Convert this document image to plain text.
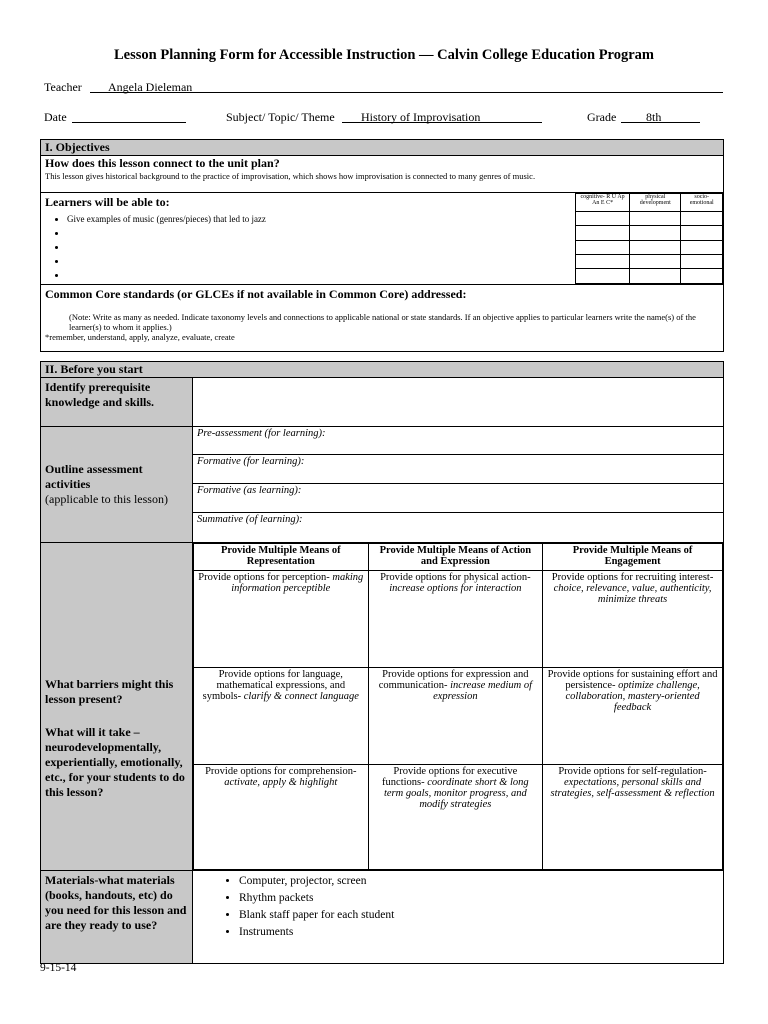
Lesson Planning Form for Accessible Instruction — Calvin College Education Program
Teacher Angela Dieleman
Date	Subject/ Topic/ Theme History of Improvisation	Grade 8th
I. Objectives

How does this lesson connect to the unit plan?
This lesson gives historical background to the practice of improvisation, which shows how improvisation is connected to many genres of music.

Learners will be able to:
• Give examples of music (genres/pieces) that led to jazz
•
•
•
•
cognitive- R U Ap An E C*	physical development	socio- emotional

Common Core standards (or GLCEs if not available in Common Core) addressed:
(Note: Write as many as needed. Indicate taxonomy levels and connections to applicable national or state standards. If an objective applies to particular learners write the name(s) of the learner(s) to whom it applies.)
*remember, understand, apply, analyze, evaluate, create
II. Before you start
Identify prerequisite knowledge and skills.	

Outline assessment activities
(applicable to this lesson)

Pre-assessment (for learning):
Formative (for learning):
Formative (as learning):
Summative (of learning):

What barriers might this lesson present?
What will it take – neurodevelopmentally, experientially, emotionally, etc., for your students to do this lesson?

Provide Multiple Means of Representation	Provide Multiple Means of Action and Expression	Provide Multiple Means of Engagement
Provide options for perception- making information perceptible	Provide options for physical action- increase options for interaction	Provide options for recruiting interest- choice, relevance, value, authenticity, minimize threats
Provide options for language, mathematical expressions, and symbols- clarify & connect language	Provide options for expression and communication- increase medium of expression	Provide options for sustaining effort and persistence- optimize challenge, collaboration, mastery-oriented feedback
Provide options for comprehension- activate, apply & highlight	Provide options for executive functions- coordinate short & long term goals, monitor progress, and modify strategies	Provide options for self-regulation- expectations, personal skills and strategies, self-assessment & reflection

Materials-what materials (books, handouts, etc) do you need for this lesson and are they ready to use?	
• Computer, projector, screen
• Rhythm packets
• Blank staff paper for each student
• Instruments
9-15-14
